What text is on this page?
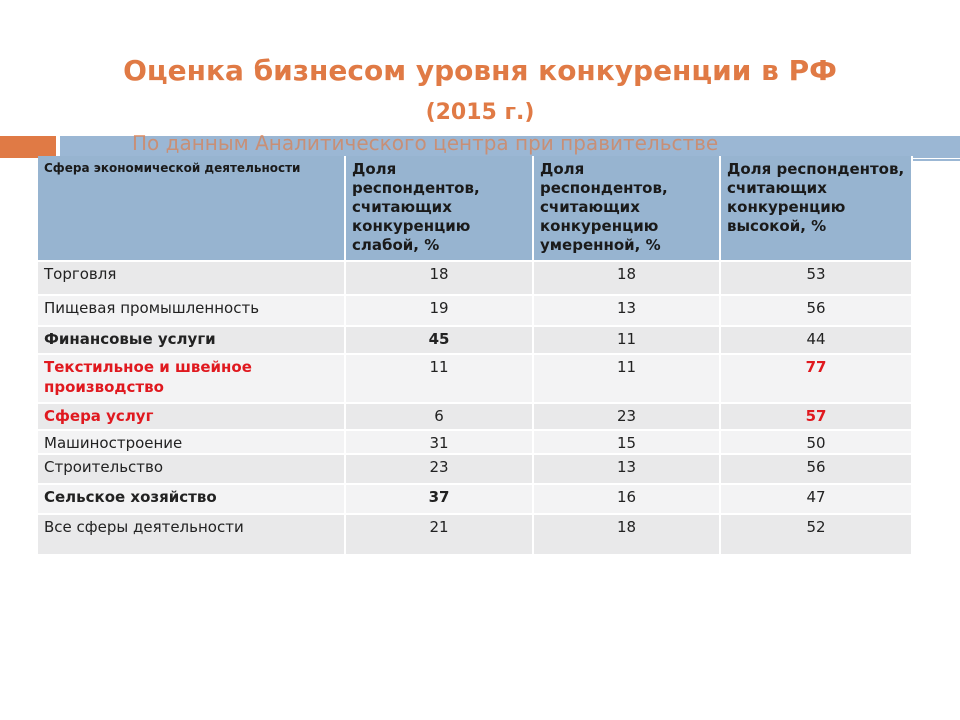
Оценка бизнесом уровня конкуренции в РФ
(2015 г.)
По данным Аналитического центра при правительстве
Сфера экономической деятельности	Доля респондентов, считающих конкуренцию слабой, %	Доля респондентов, считающих конкуренцию умеренной, %	Доля респондентов, считающих конкуренцию высокой, %
Торговля	18	18	53
Пищевая промышленность	19	13	56
Финансовые услуги	45	11	44
Текстильное и швейное производство	11	11	77
Сфера услуг	6	23	57
Машиностроение	31	15	50
Строительство	23	13	56
Сельское хозяйство	37	16	47
Все сферы деятельности	21	18	52
